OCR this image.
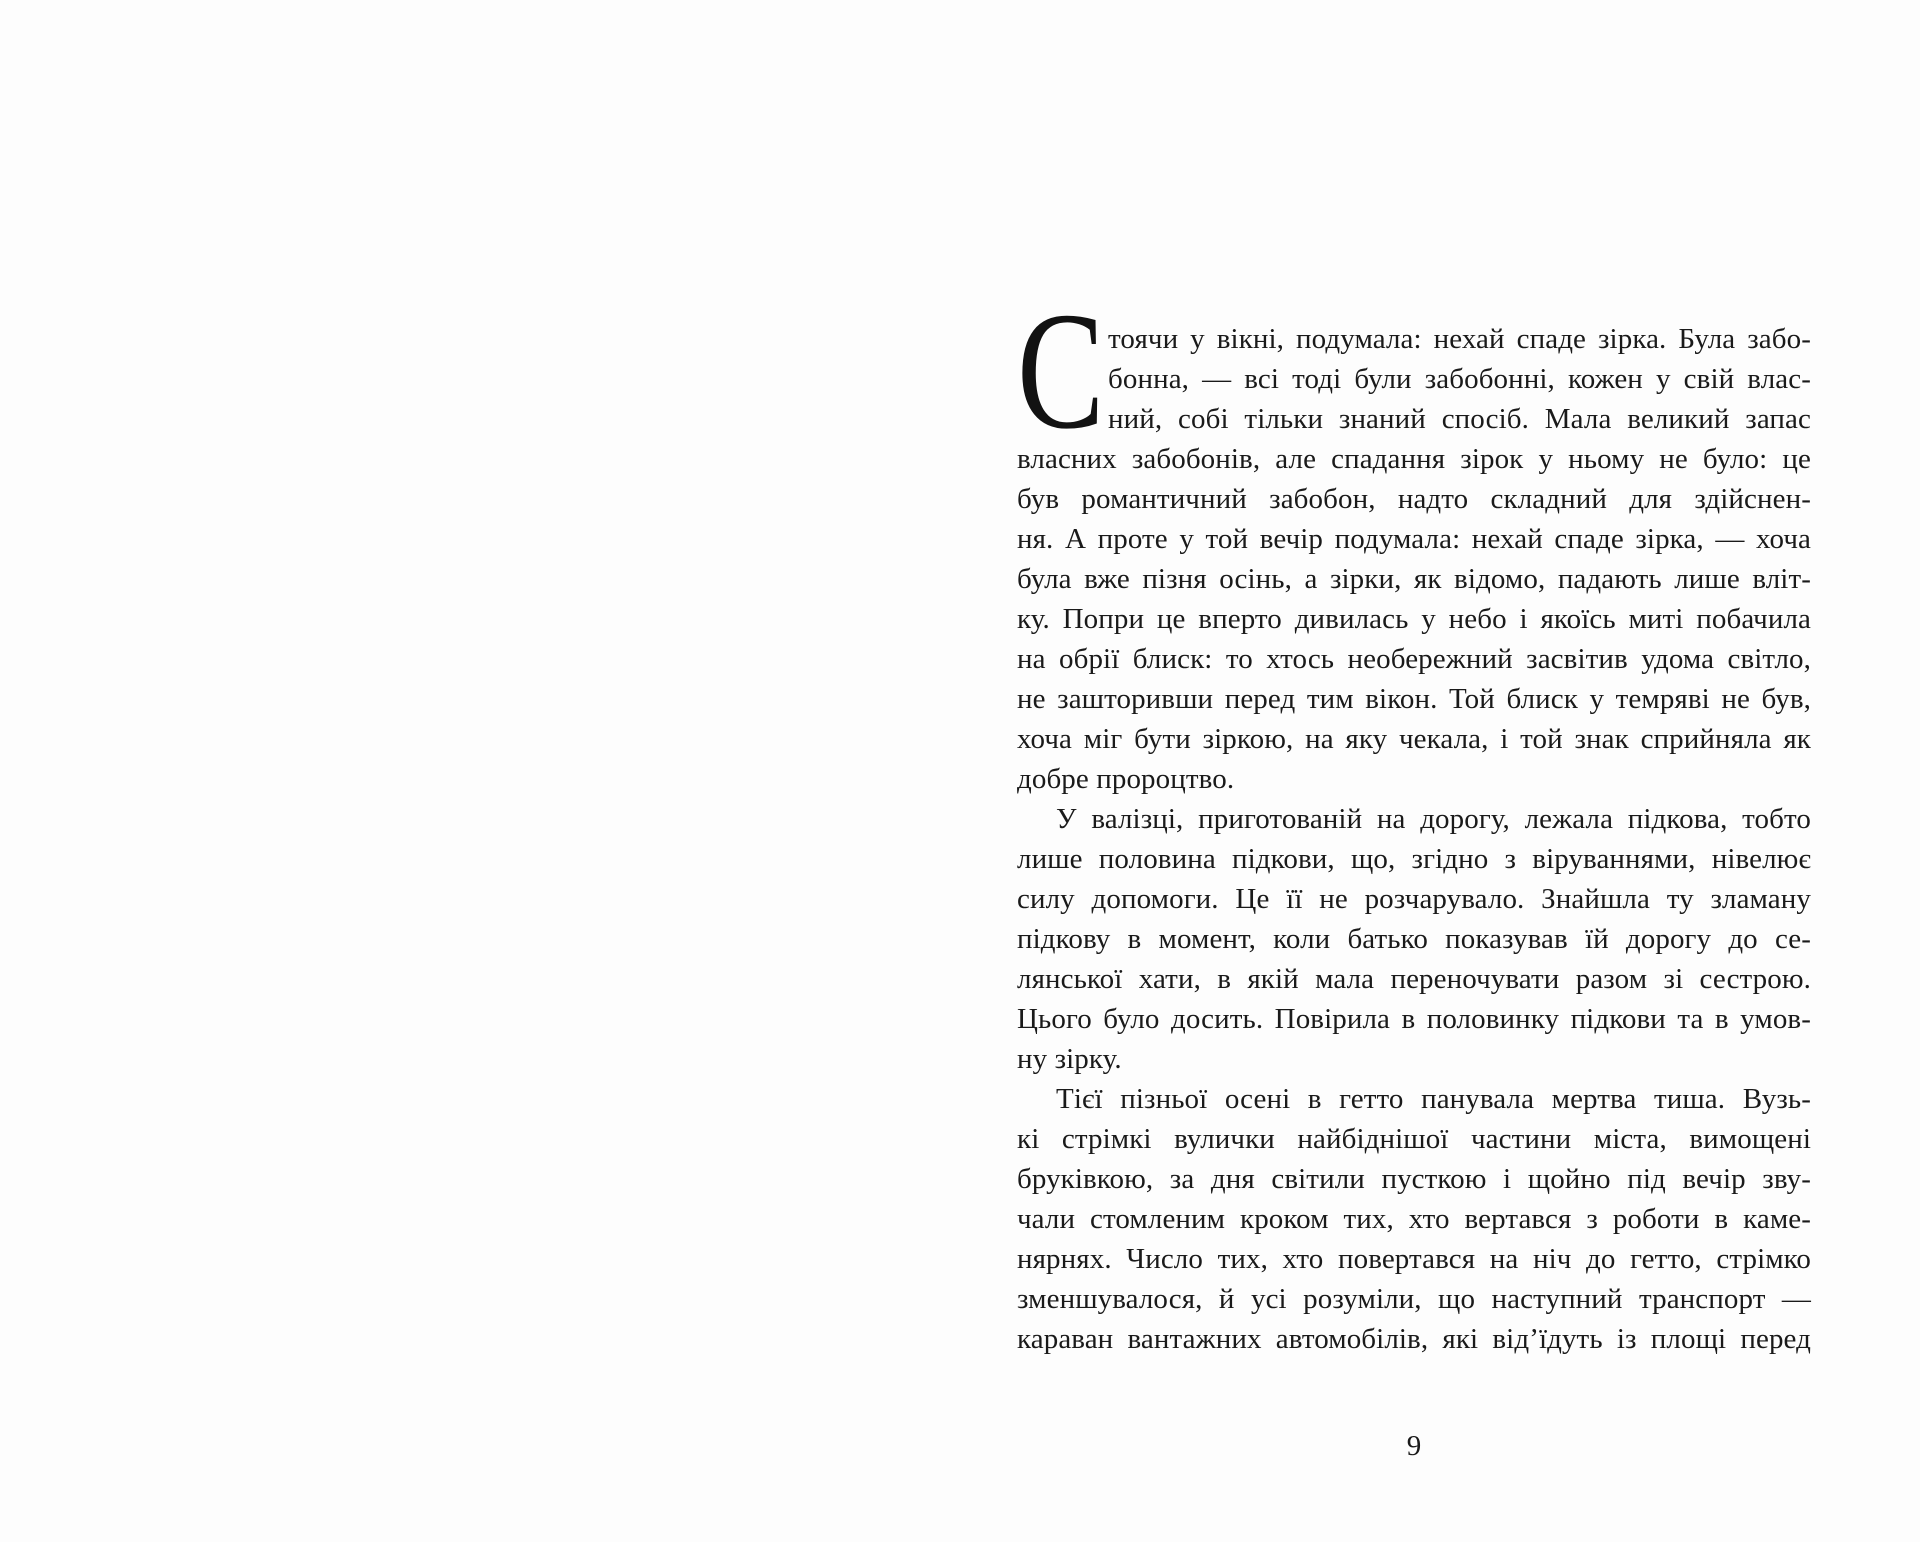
С тоячи у вікні, подумала: нехай спаде зірка. Була забо-
бонна, — всі тоді були забобонні, кожен у свій влас-
ний, собі тільки знаний спосіб. Мала великий запас
власних забобонів, але спадання зірок у ньому не було: це
був романтичний забобон, надто складний для здійснен-
ня. А проте у той вечір подумала: нехай спаде зірка, — хоча
була вже пізня осінь, а зірки, як відомо, падають лише вліт-
ку. Попри це вперто дивилась у небо і якоїсь миті побачила
на обрії блиск: то хтось необережний засвітив удома світло,
не зашторивши перед тим вікон. Той блиск у темряві не був,
хоча міг бути зіркою, на яку чекала, і той знак сприйняла як
добре пророцтво.
У валізці, приготованій на дорогу, лежала підкова, тобто
лише половина підкови, що, згідно з віруваннями, нівелює
силу допомоги. Це її не розчарувало. Знайшла ту зламану
підкову в момент, коли батько показував їй дорогу до се-
лянської хати, в якій мала переночувати разом зі сестрою.
Цього було досить. Повірила в половинку підкови та в умов-
ну зірку.
Тієї пізньої осені в гетто панувала мертва тиша. Вузь-
кі стрімкі вулички найбіднішої частини міста, вимощені
бруківкою, за дня світили пусткою і щойно під вечір зву-
чали стомленим кроком тих, хто вертався з роботи в каме-
нярнях. Число тих, хто повертався на ніч до гетто, стрімко
зменшувалося, й усі розуміли, що наступний транспорт —
караван вантажних автомобілів, які від’їдуть із площі перед
9
